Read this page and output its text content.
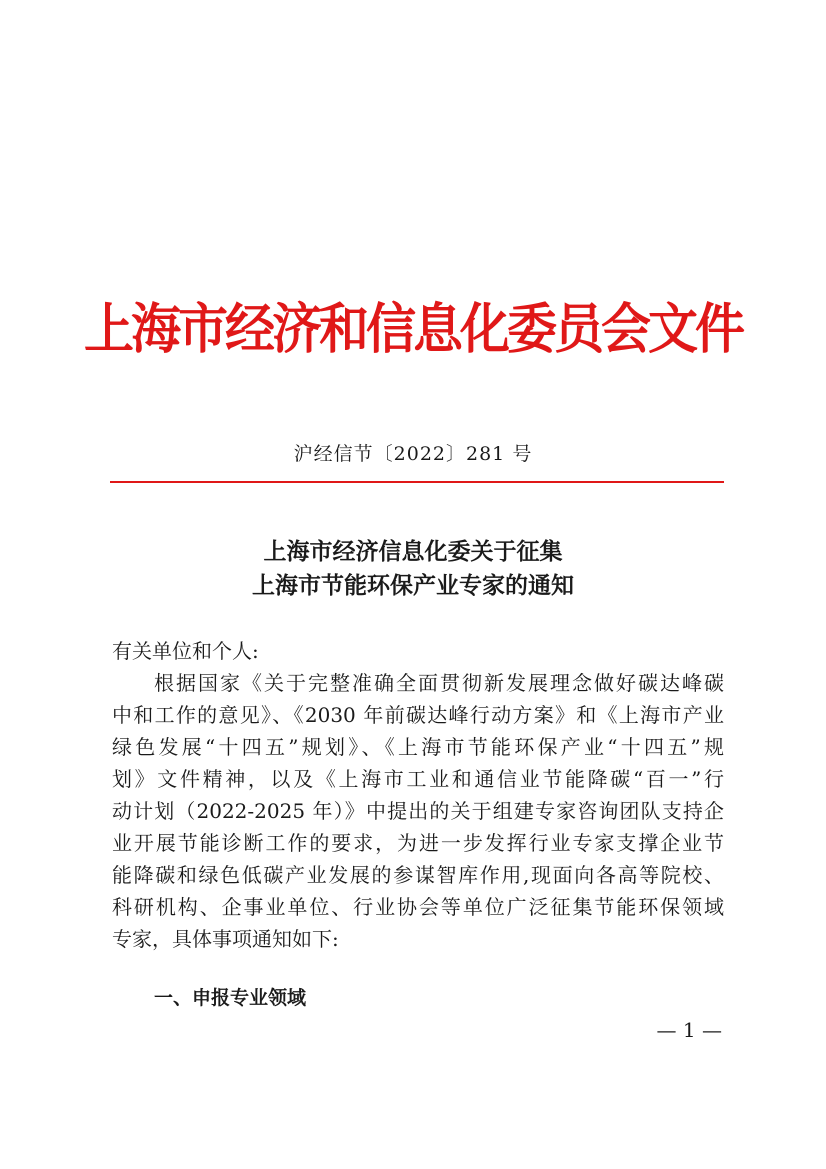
上海市经济和信息化委员会文件
沪经信节〔2022〕281 号
上海市经济信息化委关于征集
上海市节能环保产业专家的通知
有关单位和个人:
根据国家《关于完整准确全面贯彻新发展理念做好碳达峰碳
中和工作的意见》、《2030 年前碳达峰行动方案》和《上海市产业
绿色发展“十四五”规划》、《上海市节能环保产业“十四五”规
划》文件精神，以及《上海市工业和通信业节能降碳“百一”行
动计划（2022-2025 年）》中提出的关于组建专家咨询团队支持企
业开展节能诊断工作的要求，为进一步发挥行业专家支撑企业节
能降碳和绿色低碳产业发展的参谋智库作用,现面向各高等院校、
科研机构、企事业单位、行业协会等单位广泛征集节能环保领域
专家，具体事项通知如下:
一、申报专业领域
— 1 —
